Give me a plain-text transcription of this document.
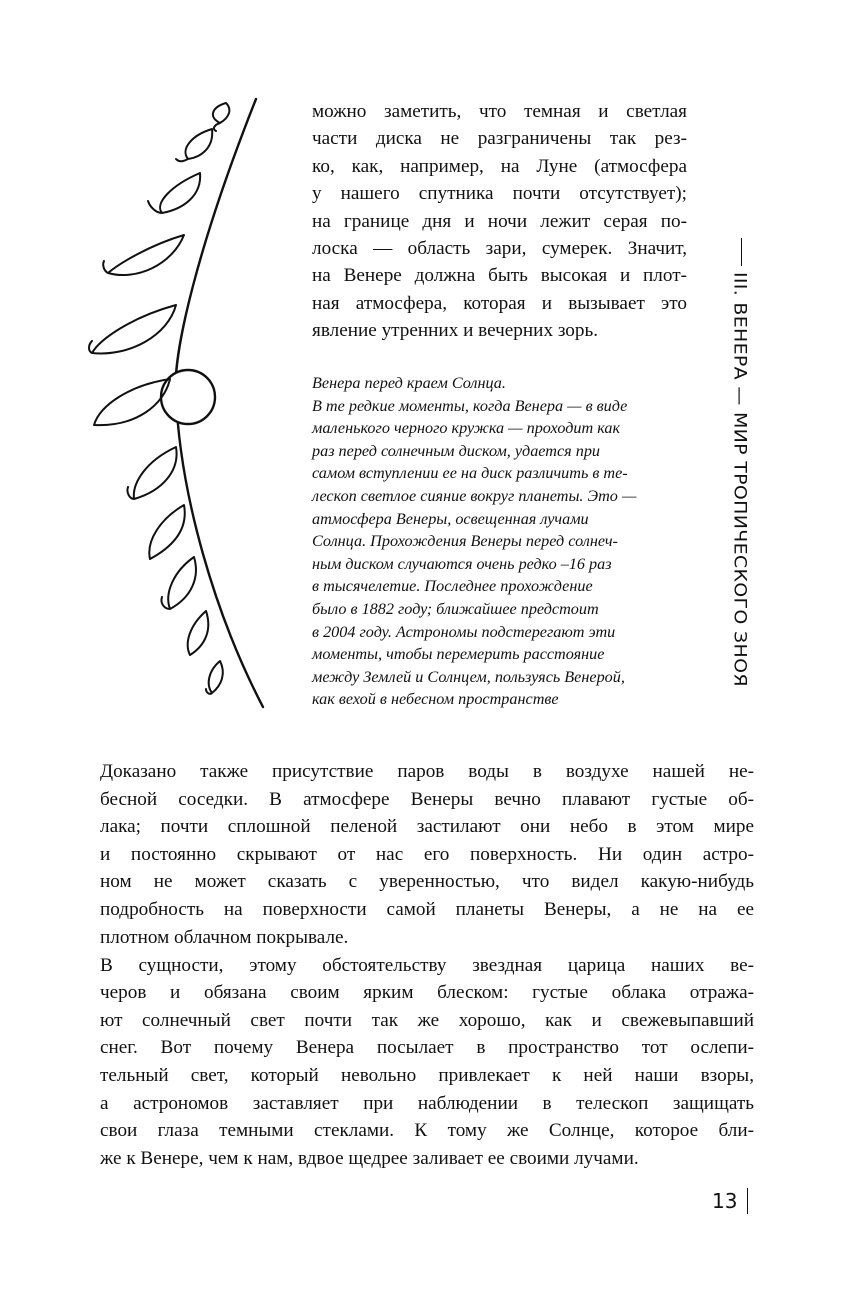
можно заметить, что темная и светлая
части диска не разграничены так рез-
ко, как, например, на Луне (атмосфера
у нашего спутника почти отсутствует);
на границе дня и ночи лежит серая по-
лоска — область зари, сумерек. Значит,
на Венере должна быть высокая и плот-
ная атмосфера, которая и вызывает это
явление утренних и вечерних зорь.
Венера перед краем Солнца.
В те редкие моменты, когда Венера — в виде
маленького черного кружка — проходит как
раз перед солнечным диском, удается при
самом вступлении ее на диск различить в те-
лескоп светлое сияние вокруг планеты. Это —
атмосфера Венеры, освещенная лучами
Солнца. Прохождения Венеры перед солнеч-
ным диском случаются очень редко –16 раз
в тысячелетие. Последнее прохождение
было в 1882 году; ближайшее предстоит
в 2004 году. Астрономы подстерегают эти
моменты, чтобы перемерить расстояние
между Землей и Солнцем, пользуясь Венерой,
как вехой в небесном пространстве
Доказано также присутствие паров воды в воздухе нашей не-
бесной соседки. В атмосфере Венеры вечно плавают густые об-
лака; почти сплошной пеленой застилают они небо в этом мире
и постоянно скрывают от нас его поверхность. Ни один астро-
ном не может сказать с уверенностью, что видел какую-нибудь
подробность на поверхности самой планеты Венеры, а не на ее
плотном облачном покрывале.
В сущности, этому обстоятельству звездная царица наших ве-
черов и обязана своим ярким блеском: густые облака отража-
ют солнечный свет почти так же хорошо, как и свежевыпавший
снег. Вот почему Венера посылает в пространство тот ослепи-
тельный свет, который невольно привлекает к ней наши взоры,
а астрономов заставляет при наблюдении в телескоп защищать
свои глаза темными стеклами. К тому же Солнце, которое бли-
же к Венере, чем к нам, вдвое щедрее заливает ее своими лучами.
III. ВЕНЕРА — МИР ТРОПИЧЕСКОГО ЗНОЯ
13
